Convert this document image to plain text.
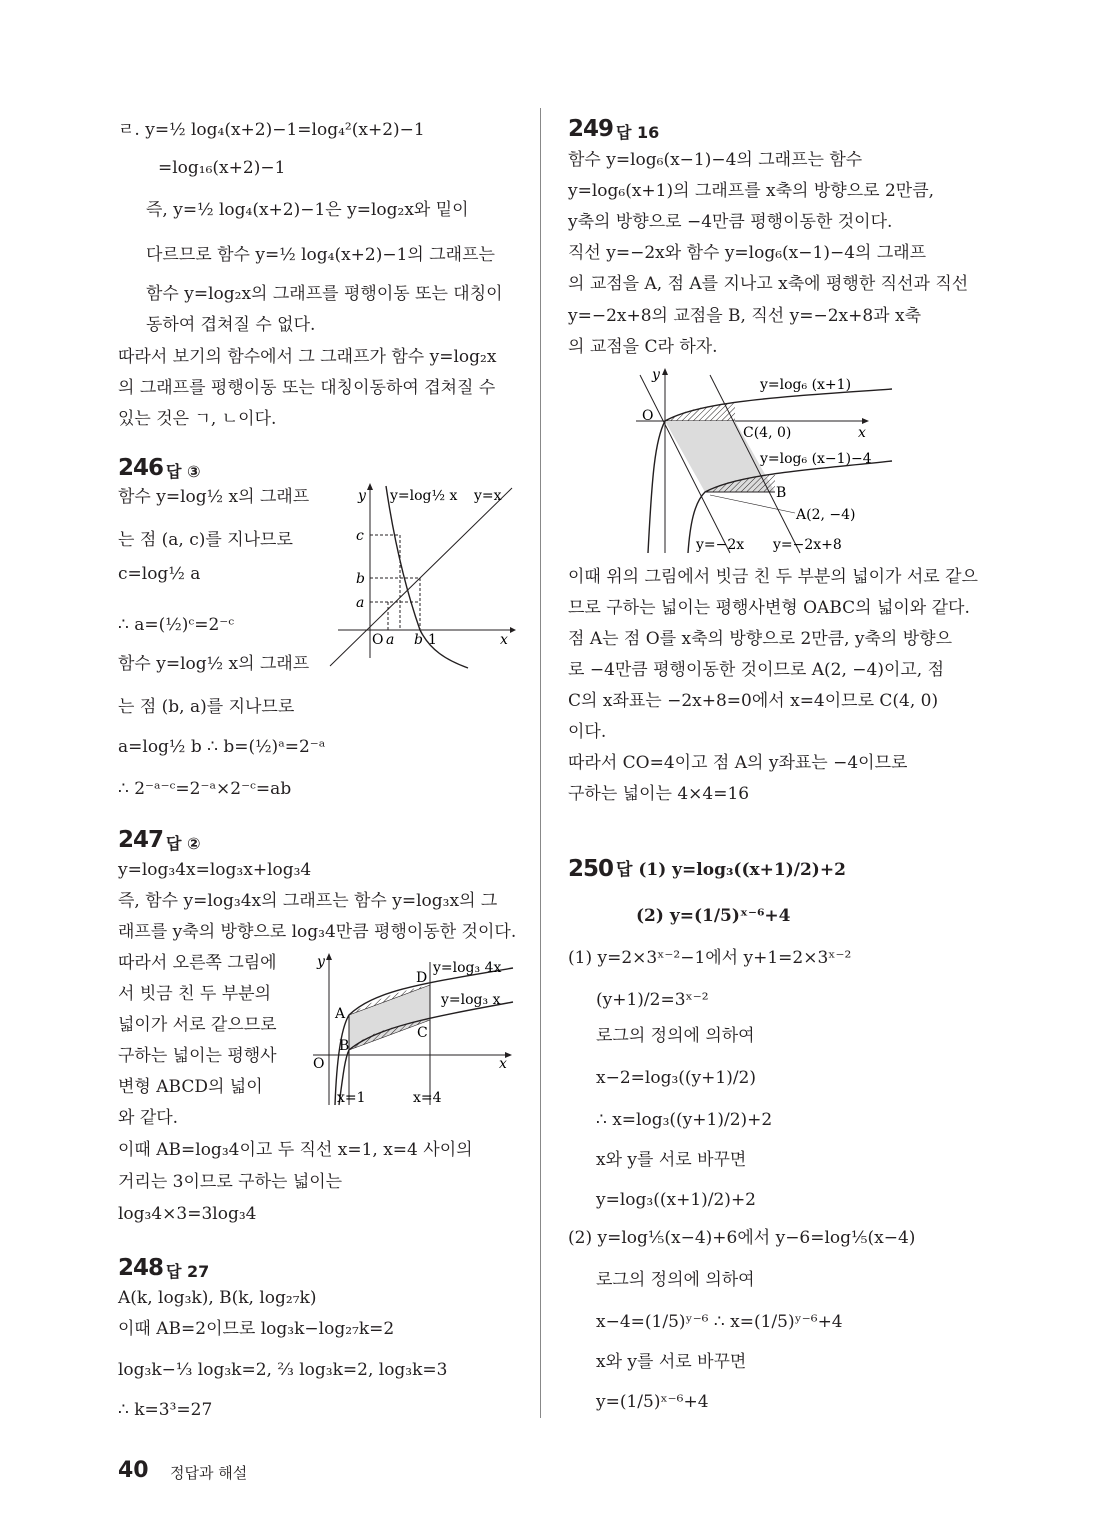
ㄹ. y=½ log₄(x+2)−1=log₄²(x+2)−1
=log₁₆(x+2)−1
즉, y=½ log₄(x+2)−1은 y=log₂x와 밑이
다르므로 함수 y=½ log₄(x+2)−1의 그래프는
함수 y=log₂x의 그래프를 평행이동 또는 대칭이
동하여 겹쳐질 수 없다.
따라서 보기의 함수에서 그 그래프가 함수 y=log₂x
의 그래프를 평행이동 또는 대칭이동하여 겹쳐질 수
있는 것은 ㄱ, ㄴ이다.
246 답 ③
함수 y=log½ x의 그래프
는 점 (a, c)를 지나므로
c=log½ a
∴ a=(½)ᶜ=2⁻ᶜ
함수 y=log½ x의 그래프
는 점 (b, a)를 지나므로
a=log½ b ∴ b=(½)ᵃ=2⁻ᵃ
∴ 2⁻ᵃ⁻ᶜ=2⁻ᵃ×2⁻ᶜ=ab
y y=log½ x y=x
c
b
a
O a b 1	x
247 답 ②
y=log₃4x=log₃x+log₃4
즉, 함수 y=log₃4x의 그래프는 함수 y=log₃x의 그
래프를 y축의 방향으로 log₃4만큼 평행이동한 것이다.
따라서 오른쪽 그림에
서 빗금 친 두 부분의
넓이가 서로 같으므로
구하는 넓이는 평행사
변형 ABCD의 넓이
와 같다.
이때 AB=log₃4이고 두 직선 x=1, x=4 사이의
거리는 3이므로 구하는 넓이는
log₃4×3=3log₃4
y	y=log₃ 4x
y=log₃ x
A
B
D
C
O	x
x=1	x=4
248 답 27
A(k, log₃k), B(k, log₂₇k)
이때 AB=2이므로 log₃k−log₂₇k=2
log₃k−⅓ log₃k=2, ⅔ log₃k=2, log₃k=3
∴ k=3³=27
249 답 16
함수 y=log₆(x−1)−4의 그래프는 함수
y=log₆(x+1)의 그래프를 x축의 방향으로 2만큼,
y축의 방향으로 −4만큼 평행이동한 것이다.
직선 y=−2x와 함수 y=log₆(x−1)−4의 그래프
의 교점을 A, 점 A를 지나고 x축에 평행한 직선과 직선
y=−2x+8의 교점을 B, 직선 y=−2x+8과 x축
의 교점을 C라 하자.
y
y=log₆ (x+1)
O
C(4, 0)	x
y=log₆ (x−1)−4
B
A(2, −4)
y=−2x y=−2x+8
이때 위의 그림에서 빗금 친 두 부분의 넓이가 서로 같으
므로 구하는 넓이는 평행사변형 OABC의 넓이와 같다.
점 A는 점 O를 x축의 방향으로 2만큼, y축의 방향으
로 −4만큼 평행이동한 것이므로 A(2, −4)이고, 점
C의 x좌표는 −2x+8=0에서 x=4이므로 C(4, 0)
이다.
따라서 CO=4이고 점 A의 y좌표는 −4이므로
구하는 넓이는 4×4=16
250 답 (1) y=log₃((x+1)/2)+2
(2) y=(1/5)ˣ⁻⁶+4
(1) y=2×3ˣ⁻²−1에서 y+1=2×3ˣ⁻²
(y+1)/2=3ˣ⁻²
로그의 정의에 의하여
x−2=log₃((y+1)/2)
∴ x=log₃((y+1)/2)+2
x와 y를 서로 바꾸면
y=log₃((x+1)/2)+2
(2) y=log⅕(x−4)+6에서 y−6=log⅕(x−4)
로그의 정의에 의하여
x−4=(1/5)ʸ⁻⁶ ∴ x=(1/5)ʸ⁻⁶+4
x와 y를 서로 바꾸면
y=(1/5)ˣ⁻⁶+4
40 정답과 해설
